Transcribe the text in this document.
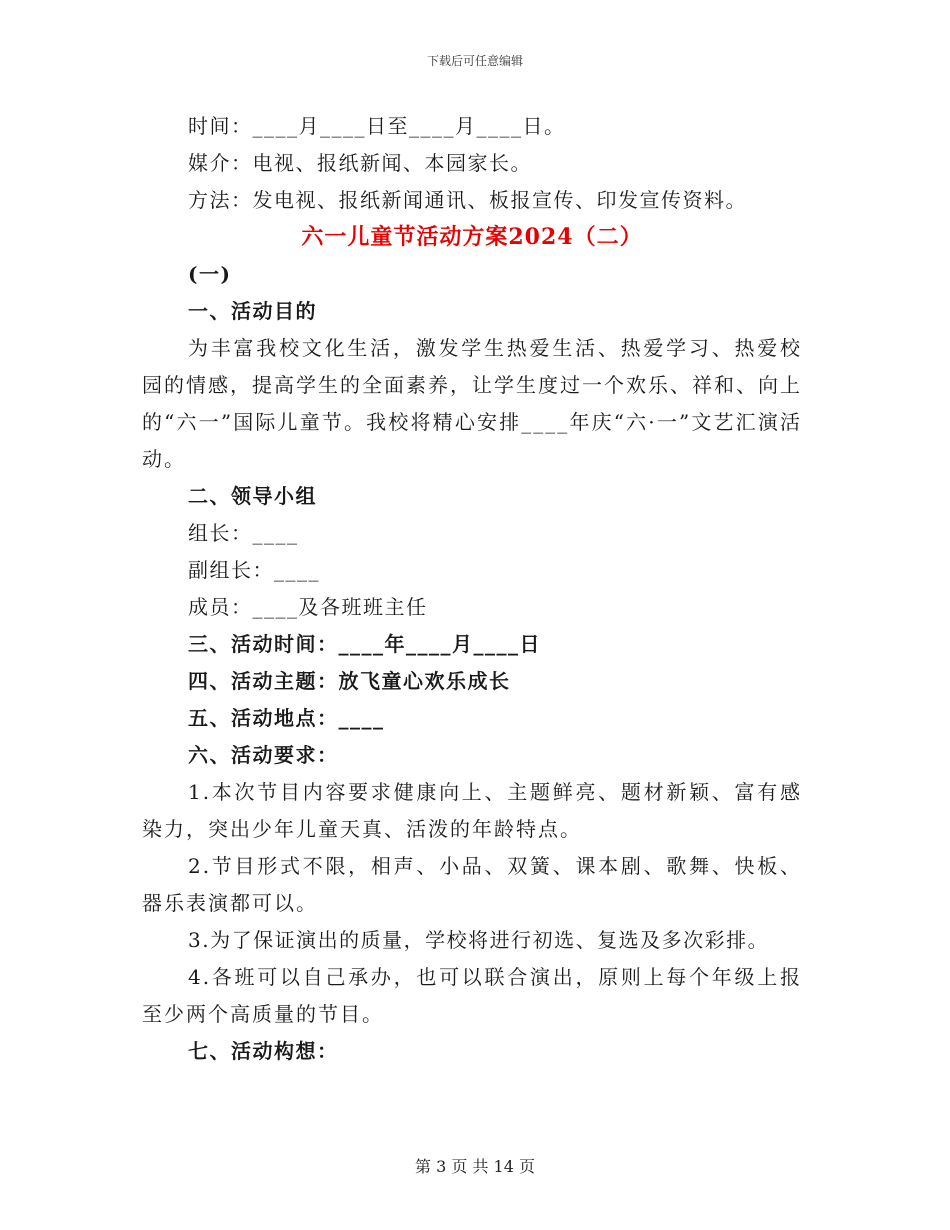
下载后可任意编辑
时间：____月____日至____月____日。
媒介：电视、报纸新闻、本园家长。
方法：发电视、报纸新闻通讯、板报宣传、印发宣传资料。
六一儿童节活动方案2024（二）
(一)
一、活动目的
为丰富我校文化生活，激发学生热爱生活、热爱学习、热爱校园的情感，提高学生的全面素养，让学生度过一个欢乐、祥和、向上的“六一”国际儿童节。我校将精心安排____年庆“六·一”文艺汇演活动。
二、领导小组
组长：____
副组长：____
成员：____及各班班主任
三、活动时间：____年____月____日
四、活动主题：放飞童心欢乐成长
五、活动地点：____
六、活动要求：
1.本次节目内容要求健康向上、主题鲜亮、题材新颖、富有感染力，突出少年儿童天真、活泼的年龄特点。
2.节目形式不限，相声、小品、双簧、课本剧、歌舞、快板、器乐表演都可以。
3.为了保证演出的质量，学校将进行初选、复选及多次彩排。
4.各班可以自己承办，也可以联合演出，原则上每个年级上报至少两个高质量的节目。
七、活动构想：
第 3 页 共 14 页
